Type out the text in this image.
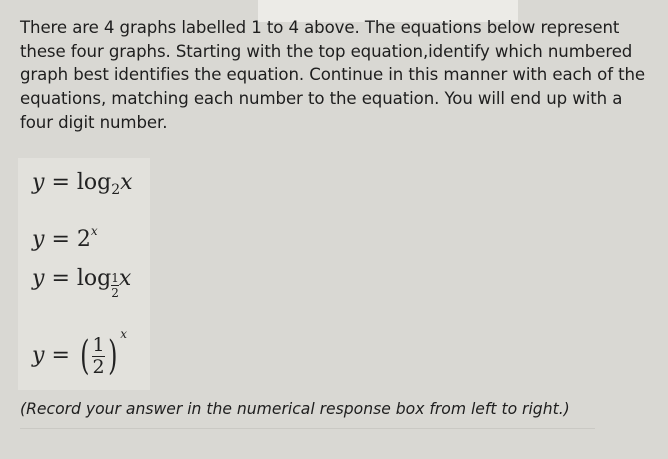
There are 4 graphs labelled 1 to 4 above. The equations below represent these four graphs. Starting with the top equation,identify which numbered graph best identifies the equation. Continue in this manner with each of the equations, matching each number to the equation. You will end up with a four digit number.

$y = \log_2x$
$y = 2^x$
$y = \log \frac{1}{2}$ x
y = ( $\frac{1}{2}$ ) $^x$

(Record your answer in the numerical response box from left to right.)
